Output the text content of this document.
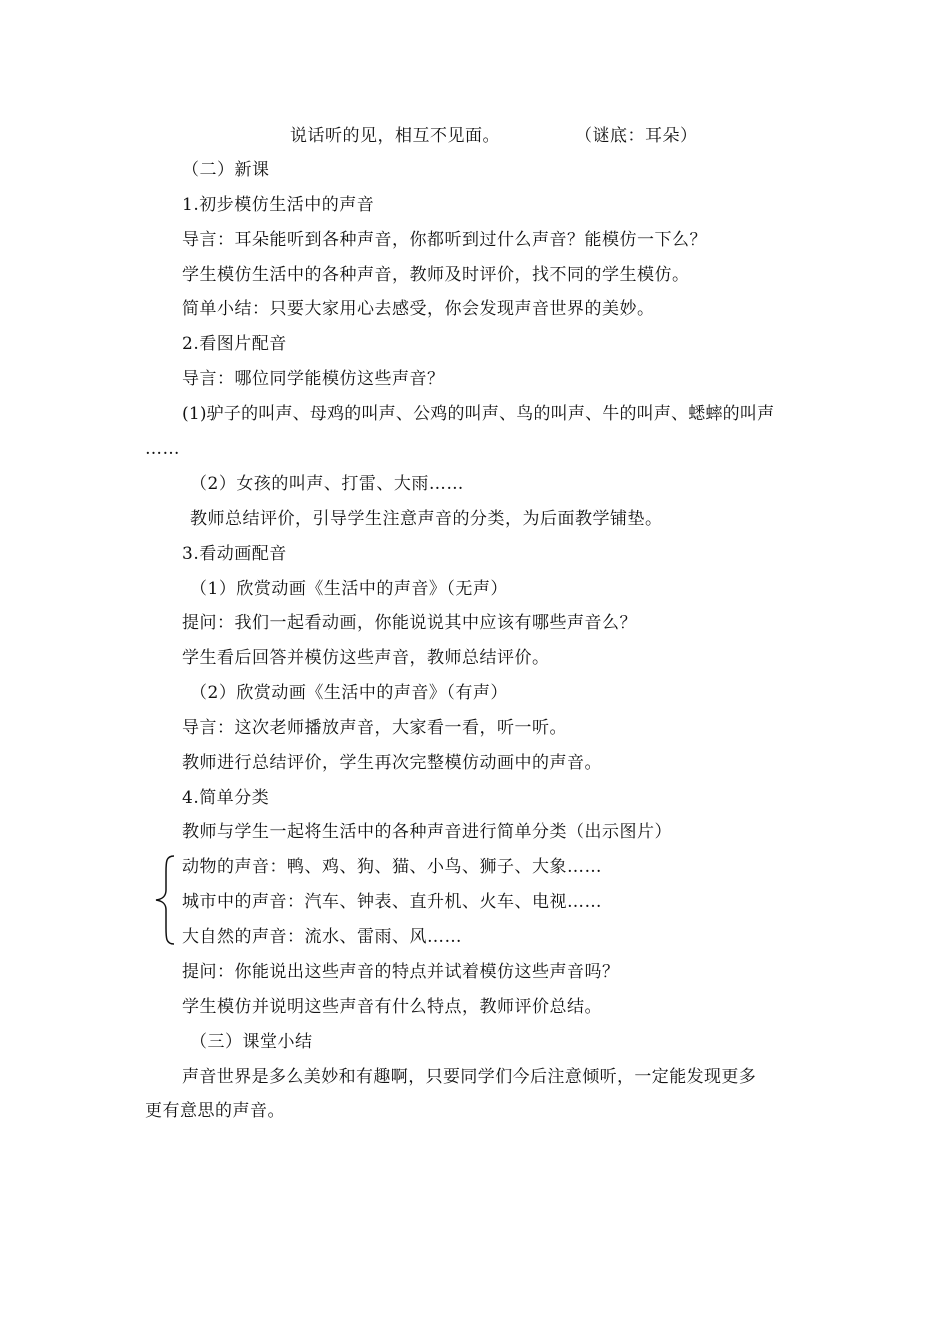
说话听的见，相互不见面。	（谜底：耳朵）
（二）新课
1.初步模仿生活中的声音
导言：耳朵能听到各种声音，你都听到过什么声音？能模仿一下么？
学生模仿生活中的各种声音，教师及时评价，找不同的学生模仿。
简单小结：只要大家用心去感受，你会发现声音世界的美妙。
2.看图片配音
导言：哪位同学能模仿这些声音？
(1)驴子的叫声、母鸡的叫声、公鸡的叫声、鸟的叫声、牛的叫声、蟋蟀的叫声
……
（2）女孩的叫声、打雷、大雨……
教师总结评价，引导学生注意声音的分类，为后面教学铺垫。
3.看动画配音
（1）欣赏动画《生活中的声音》（无声）
提问：我们一起看动画，你能说说其中应该有哪些声音么？
学生看后回答并模仿这些声音，教师总结评价。
（2）欣赏动画《生活中的声音》（有声）
导言：这次老师播放声音，大家看一看，听一听。
教师进行总结评价，学生再次完整模仿动画中的声音。
4.简单分类
教师与学生一起将生活中的各种声音进行简单分类（出示图片）
动物的声音：鸭、鸡、狗、猫、小鸟、狮子、大象……
城市中的声音：汽车、钟表、直升机、火车、电视……
大自然的声音：流水、雷雨、风……
提问：你能说出这些声音的特点并试着模仿这些声音吗？
学生模仿并说明这些声音有什么特点，教师评价总结。
（三）课堂小结
声音世界是多么美妙和有趣啊，只要同学们今后注意倾听，一定能发现更多
更有意思的声音。
